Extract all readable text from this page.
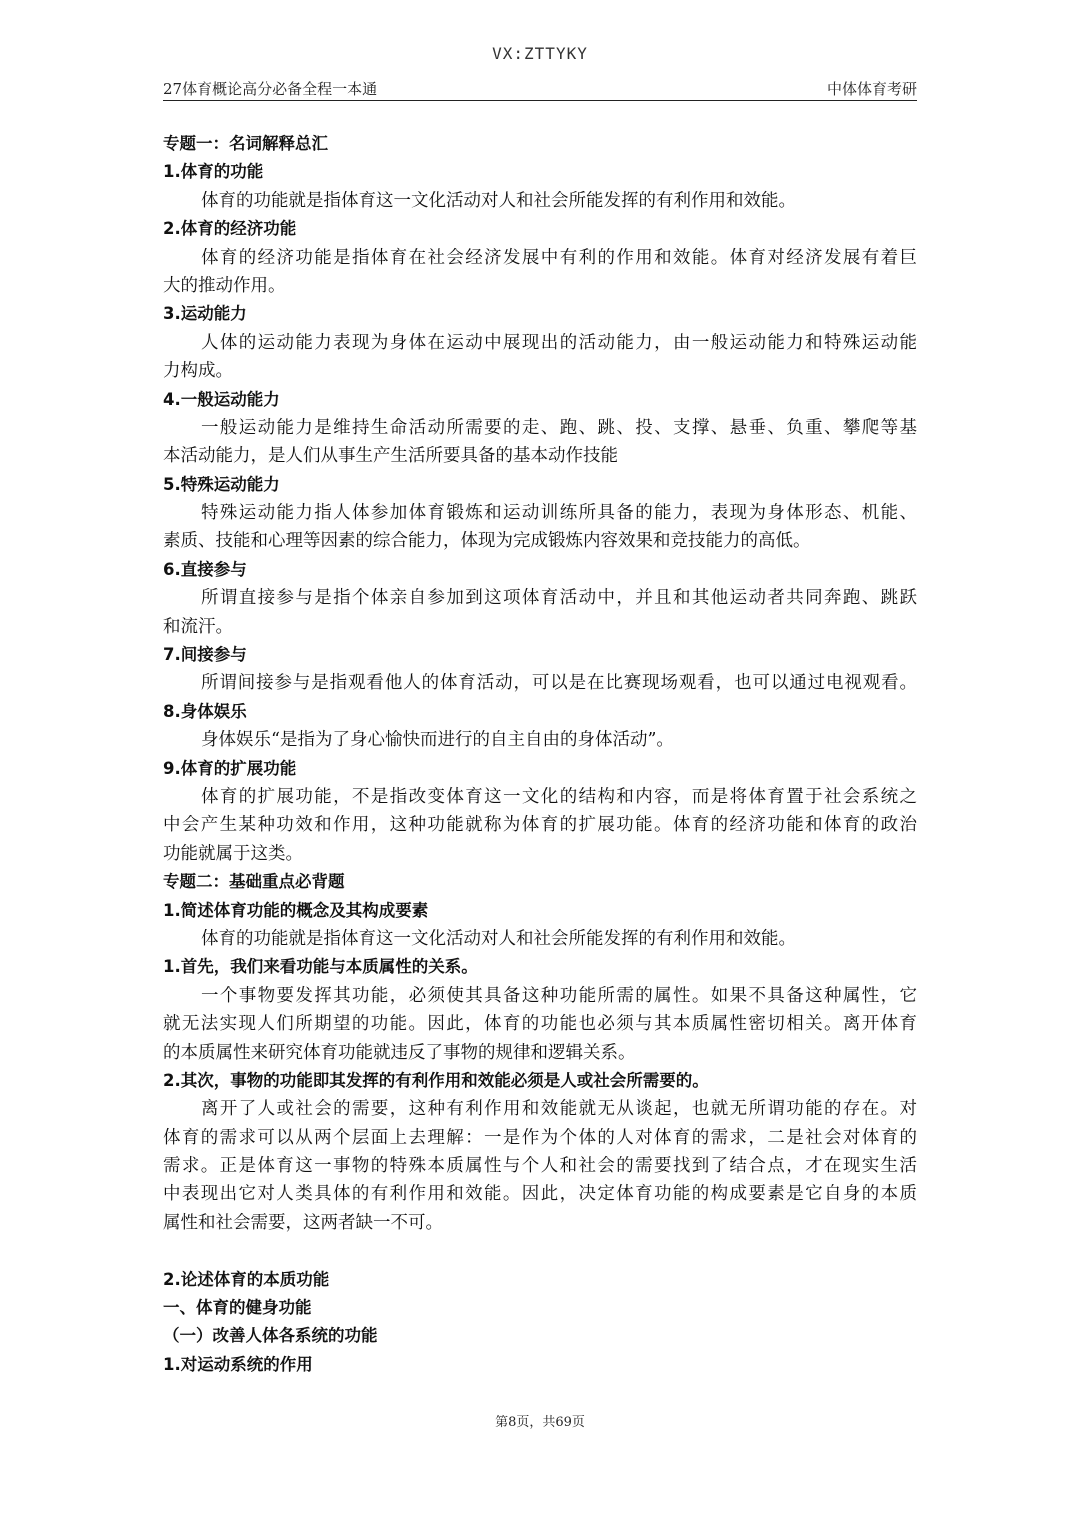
VX:ZTTYKY
27体育概论高分必备全程一本通	中体体育考研
专题一：名词解释总汇
1.体育的功能
体育的功能就是指体育这一文化活动对人和社会所能发挥的有利作用和效能。
2.体育的经济功能
体育的经济功能是指体育在社会经济发展中有利的作用和效能。体育对经济发展有着巨
大的推动作用。
3.运动能力
人体的运动能力表现为身体在运动中展现出的活动能力，由一般运动能力和特殊运动能
力构成。
4.一般运动能力
一般运动能力是维持生命活动所需要的走、跑、跳、投、支撑、悬垂、负重、攀爬等基
本活动能力，是人们从事生产生活所要具备的基本动作技能
5.特殊运动能力
特殊运动能力指人体参加体育锻炼和运动训练所具备的能力，表现为身体形态、机能、
素质、技能和心理等因素的综合能力，体现为完成锻炼内容效果和竞技能力的高低。
6.直接参与
所谓直接参与是指个体亲自参加到这项体育活动中，并且和其他运动者共同奔跑、跳跃
和流汗。
7.间接参与
所谓间接参与是指观看他人的体育活动，可以是在比赛现场观看，也可以通过电视观看。
8.身体娱乐
身体娱乐“是指为了身心愉快而进行的自主自由的身体活动”。
9.体育的扩展功能
体育的扩展功能，不是指改变体育这一文化的结构和内容，而是将体育置于社会系统之
中会产生某种功效和作用，这种功能就称为体育的扩展功能。体育的经济功能和体育的政治
功能就属于这类。
专题二：基础重点必背题
1.简述体育功能的概念及其构成要素
体育的功能就是指体育这一文化活动对人和社会所能发挥的有利作用和效能。
1.首先，我们来看功能与本质属性的关系。
一个事物要发挥其功能，必须使其具备这种功能所需的属性。如果不具备这种属性，它
就无法实现人们所期望的功能。因此，体育的功能也必须与其本质属性密切相关。离开体育
的本质属性来研究体育功能就违反了事物的规律和逻辑关系。
2.其次，事物的功能即其发挥的有利作用和效能必须是人或社会所需要的。
离开了人或社会的需要，这种有利作用和效能就无从谈起，也就无所谓功能的存在。对
体育的需求可以从两个层面上去理解：一是作为个体的人对体育的需求，二是社会对体育的
需求。正是体育这一事物的特殊本质属性与个人和社会的需要找到了结合点，才在现实生活
中表现出它对人类具体的有利作用和效能。因此，决定体育功能的构成要素是它自身的本质
属性和社会需要，这两者缺一不可。
2.论述体育的本质功能
一、体育的健身功能
（一）改善人体各系统的功能
1.对运动系统的作用
第8页，共69页
